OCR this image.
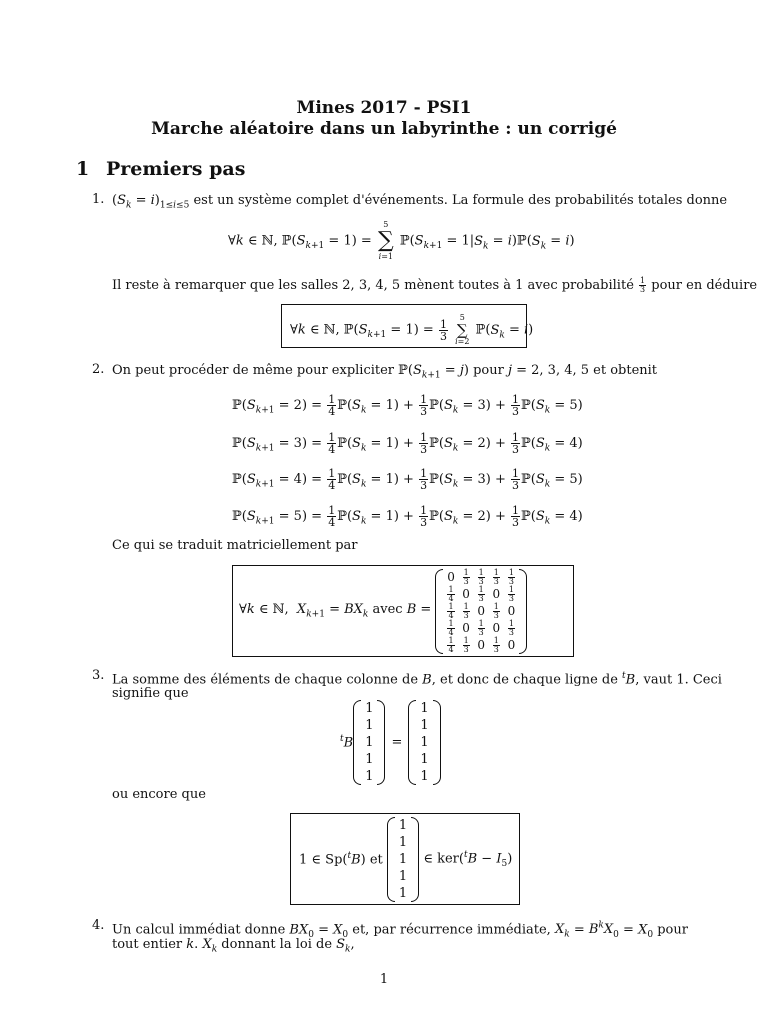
Mines 2017 - PSI1
Marche aléatoire dans un labyrinthe : un corrigé
1 Premiers pas
1. $(S_k = i)_{1\le i\le 5}$ est un système complet d'événements. La formule des probabilités totales donne
∀k ∈ ℕ, $ℙ(S_{k+1} = 1)$ =
5
∑
i=1
$ℙ(S_{k+1} = 1|S_k$ = $i)ℙ(S_k = i)$
Il reste à remarquer que les salles 2, 3, 4, 5 mènent toutes à 1 avec probabilité $\frac{1}{3}$ pour en déduire
∀k ∈ ℕ, $ℙ(S_{k+1} = 1) = \frac{1}{3}$

5
∑
i=2
$ℙ(S_k = i)$
2. On peut procéder de même pour expliciter $ℙ(S_{k+1} = j)$ pour j = 2, 3, 4, 5 et obtenit
$ℙ(S_{k+1} = 2) = \frac{1}{4}$ $ℙ(S_k = 1) + \frac{1}{3}$ $ℙ(S_k = 3) + \frac{1}{3}$ $ℙ(S_k = 5)$
$ℙ(S_{k+1} = 3) = \frac{1}{4}$ $ℙ(S_k = 1) + \frac{1}{3}$ $ℙ(S_k = 2) + \frac{1}{3}$ $ℙ(S_k = 4)$
$ℙ(S_{k+1} = 4) = \frac{1}{4}$ $ℙ(S_k = 1) + \frac{1}{3}$ $ℙ(S_k = 3) + \frac{1}{3}$ $ℙ(S_k = 5)$
$ℙ(S_{k+1} = 5) = \frac{1}{4}$ $ℙ(S_k = 1) + \frac{1}{3}$ $ℙ(S_k = 2) + \frac{1}{3}$ $ℙ(S_k = 4)$
Ce qui se traduit matriciellement par
∀k ∈ ℕ,  $X_{k+1} = BX_k$ avec B =
0	$\frac{1}{3}$	$\frac{1}{3}$	$\frac{1}{3}$	$\frac{1}{3}$

$\frac{1}{4}$	0	$\frac{1}{3}$	0	$\frac{1}{3}$

$\frac{1}{4}$	$\frac{1}{3}$	0	$\frac{1}{3}$	0

$\frac{1}{4}$	0	$\frac{1}{3}$	0	$\frac{1}{3}$

$\frac{1}{4}$	$\frac{1}{3}$	0	$\frac{1}{3}$	0
3. La somme des éléments de chaque colonne de B, et donc de chaque ligne de $^t$B, vaut 1. Ceci
signifie que
$^t$B
1
1
1
1
1
=
1
1
1
1
1
ou encore que
1 ∈ Sp($^t$B) et
1
1
1
1
1
∈ $ker(^tB - I_5)$
4. Un calcul immédiat donne $BX_0 = X_0$ et, par récurrence immédiate, $X_k = B^kX_0 = X_0$ pour
tout entier k. $X_k$ donnant la loi de $S_k$,
1
